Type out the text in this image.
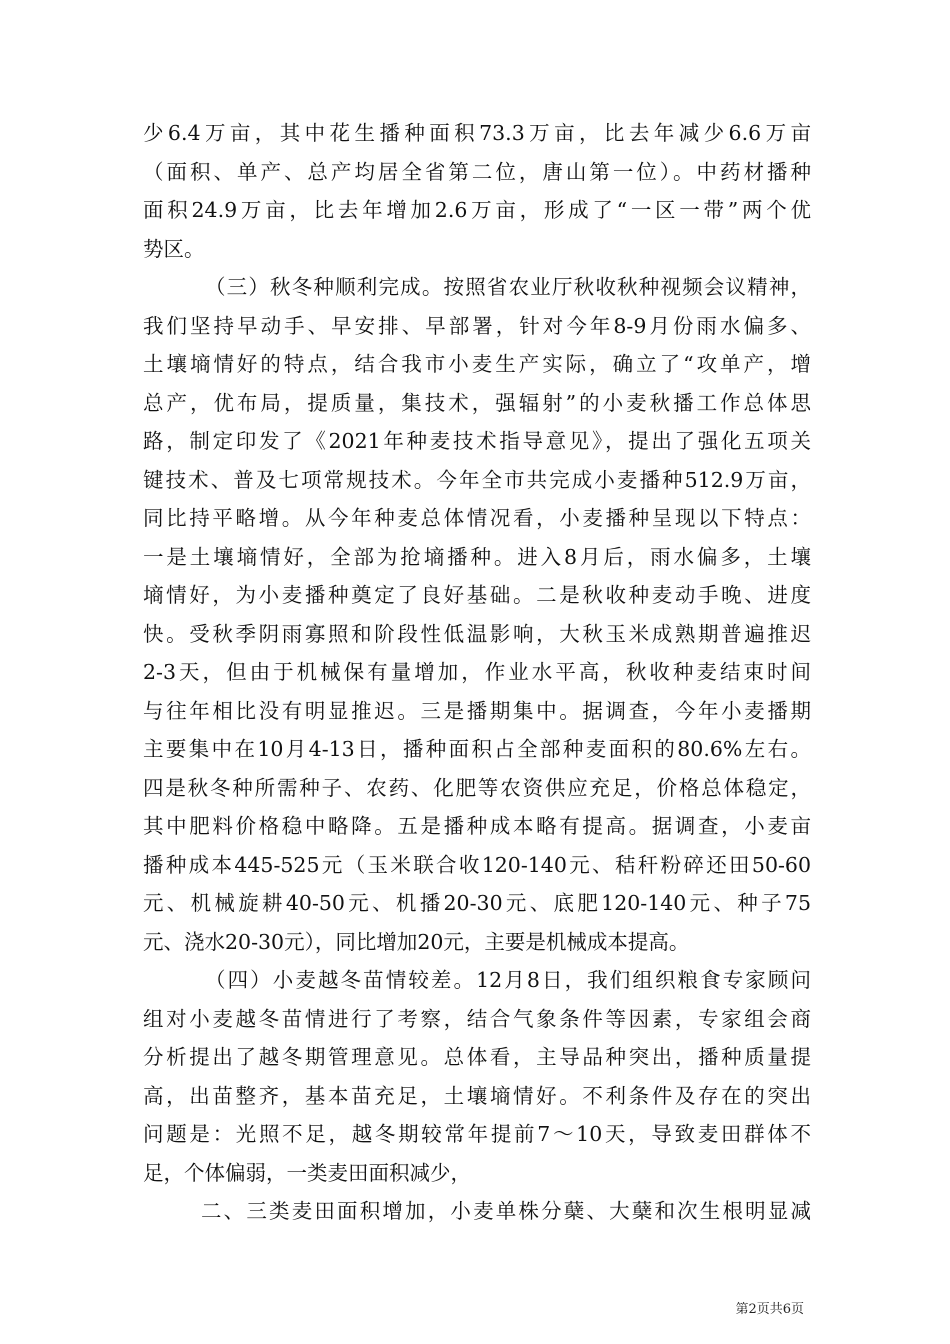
少6.4万亩，其中花生播种面积73.3万亩，比去年减少6.6万亩
（面积、单产、总产均居全省第二位，唐山第一位）。中药材播种
面积24.9万亩，比去年增加2.6万亩，形成了“一区一带”两个优
势区。
（三）秋冬种顺利完成。按照省农业厅秋收秋种视频会议精神，
我们坚持早动手、早安排、早部署，针对今年8-9月份雨水偏多、
土壤墒情好的特点，结合我市小麦生产实际，确立了“攻单产，增
总产，优布局，提质量，集技术，强辐射”的小麦秋播工作总体思
路，制定印发了《2021年种麦技术指导意见》，提出了强化五项关
键技术、普及七项常规技术。今年全市共完成小麦播种512.9万亩，
同比持平略增。从今年种麦总体情况看，小麦播种呈现以下特点：
一是土壤墒情好，全部为抢墒播种。进入8月后，雨水偏多，土壤
墒情好，为小麦播种奠定了良好基础。二是秋收种麦动手晚、进度
快。受秋季阴雨寡照和阶段性低温影响，大秋玉米成熟期普遍推迟
2-3天，但由于机械保有量增加，作业水平高，秋收种麦结束时间
与往年相比没有明显推迟。三是播期集中。据调查，今年小麦播期
主要集中在10月4-13日，播种面积占全部种麦面积的80.6%左右。
四是秋冬种所需种子、农药、化肥等农资供应充足，价格总体稳定，
其中肥料价格稳中略降。五是播种成本略有提高。据调查，小麦亩
播种成本445-525元（玉米联合收120-140元、秸秆粉碎还田50-60
元、机械旋耕40-50元、机播20-30元、底肥120-140元、种子75
元、浇水20-30元），同比增加20元，主要是机械成本提高。
（四）小麦越冬苗情较差。12月8日，我们组织粮食专家顾问
组对小麦越冬苗情进行了考察，结合气象条件等因素，专家组会商
分析提出了越冬期管理意见。总体看，主导品种突出，播种质量提
高，出苗整齐，基本苗充足，土壤墒情好。不利条件及存在的突出
问题是：光照不足，越冬期较常年提前7～10天，导致麦田群体不
足，个体偏弱，一类麦田面积减少，
二、三类麦田面积增加，小麦单株分蘖、大蘖和次生根明显减
第2页共6页
